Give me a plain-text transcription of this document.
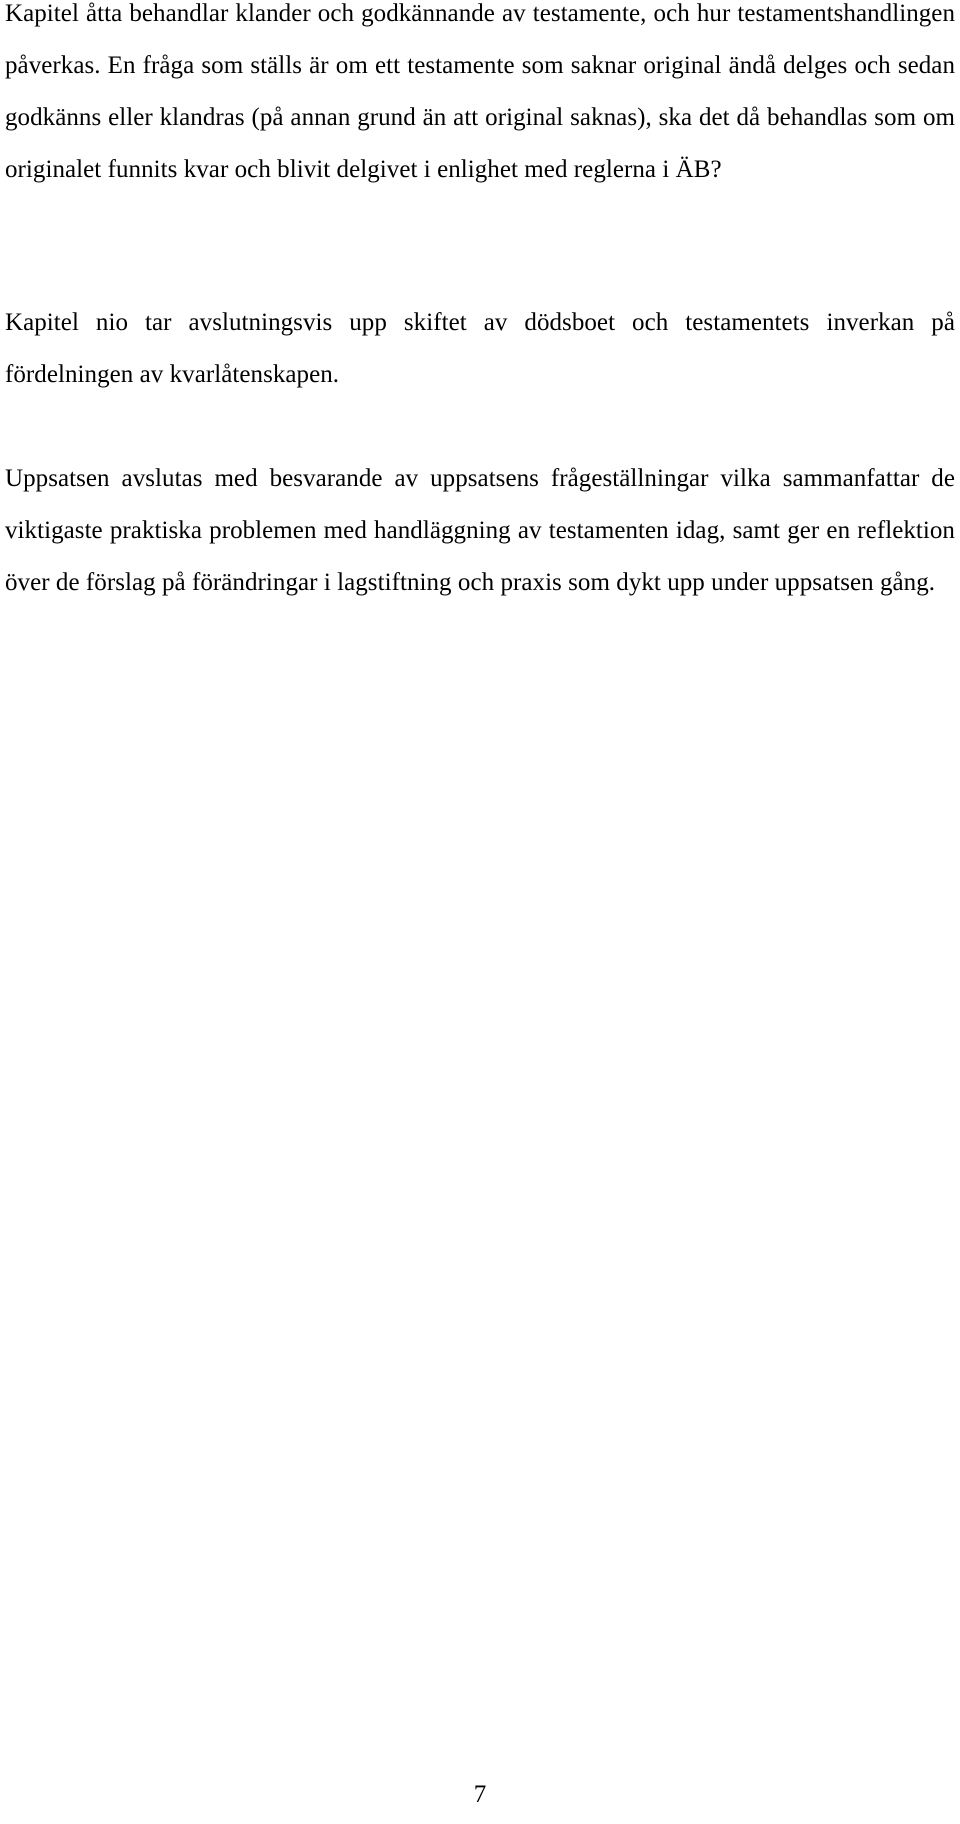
Kapitel åtta behandlar klander och godkännande av testamente, och hur testamentshandlingen påverkas. En fråga som ställs är om ett testamente som saknar original ändå delges och sedan godkänns eller klandras (på annan grund än att original saknas), ska det då behandlas som om originalet funnits kvar och blivit delgivet i enlighet med reglerna i ÄB?

Kapitel nio tar avslutningsvis upp skiftet av dödsboet och testamentets inverkan på fördelningen av kvarlåtenskapen.

Uppsatsen avslutas med besvarande av uppsatsens frågeställningar vilka sammanfattar de viktigaste praktiska problemen med handläggning av testamenten idag, samt ger en reflektion över de förslag på förändringar i lagstiftning och praxis som dykt upp under uppsatsen gång.

7
